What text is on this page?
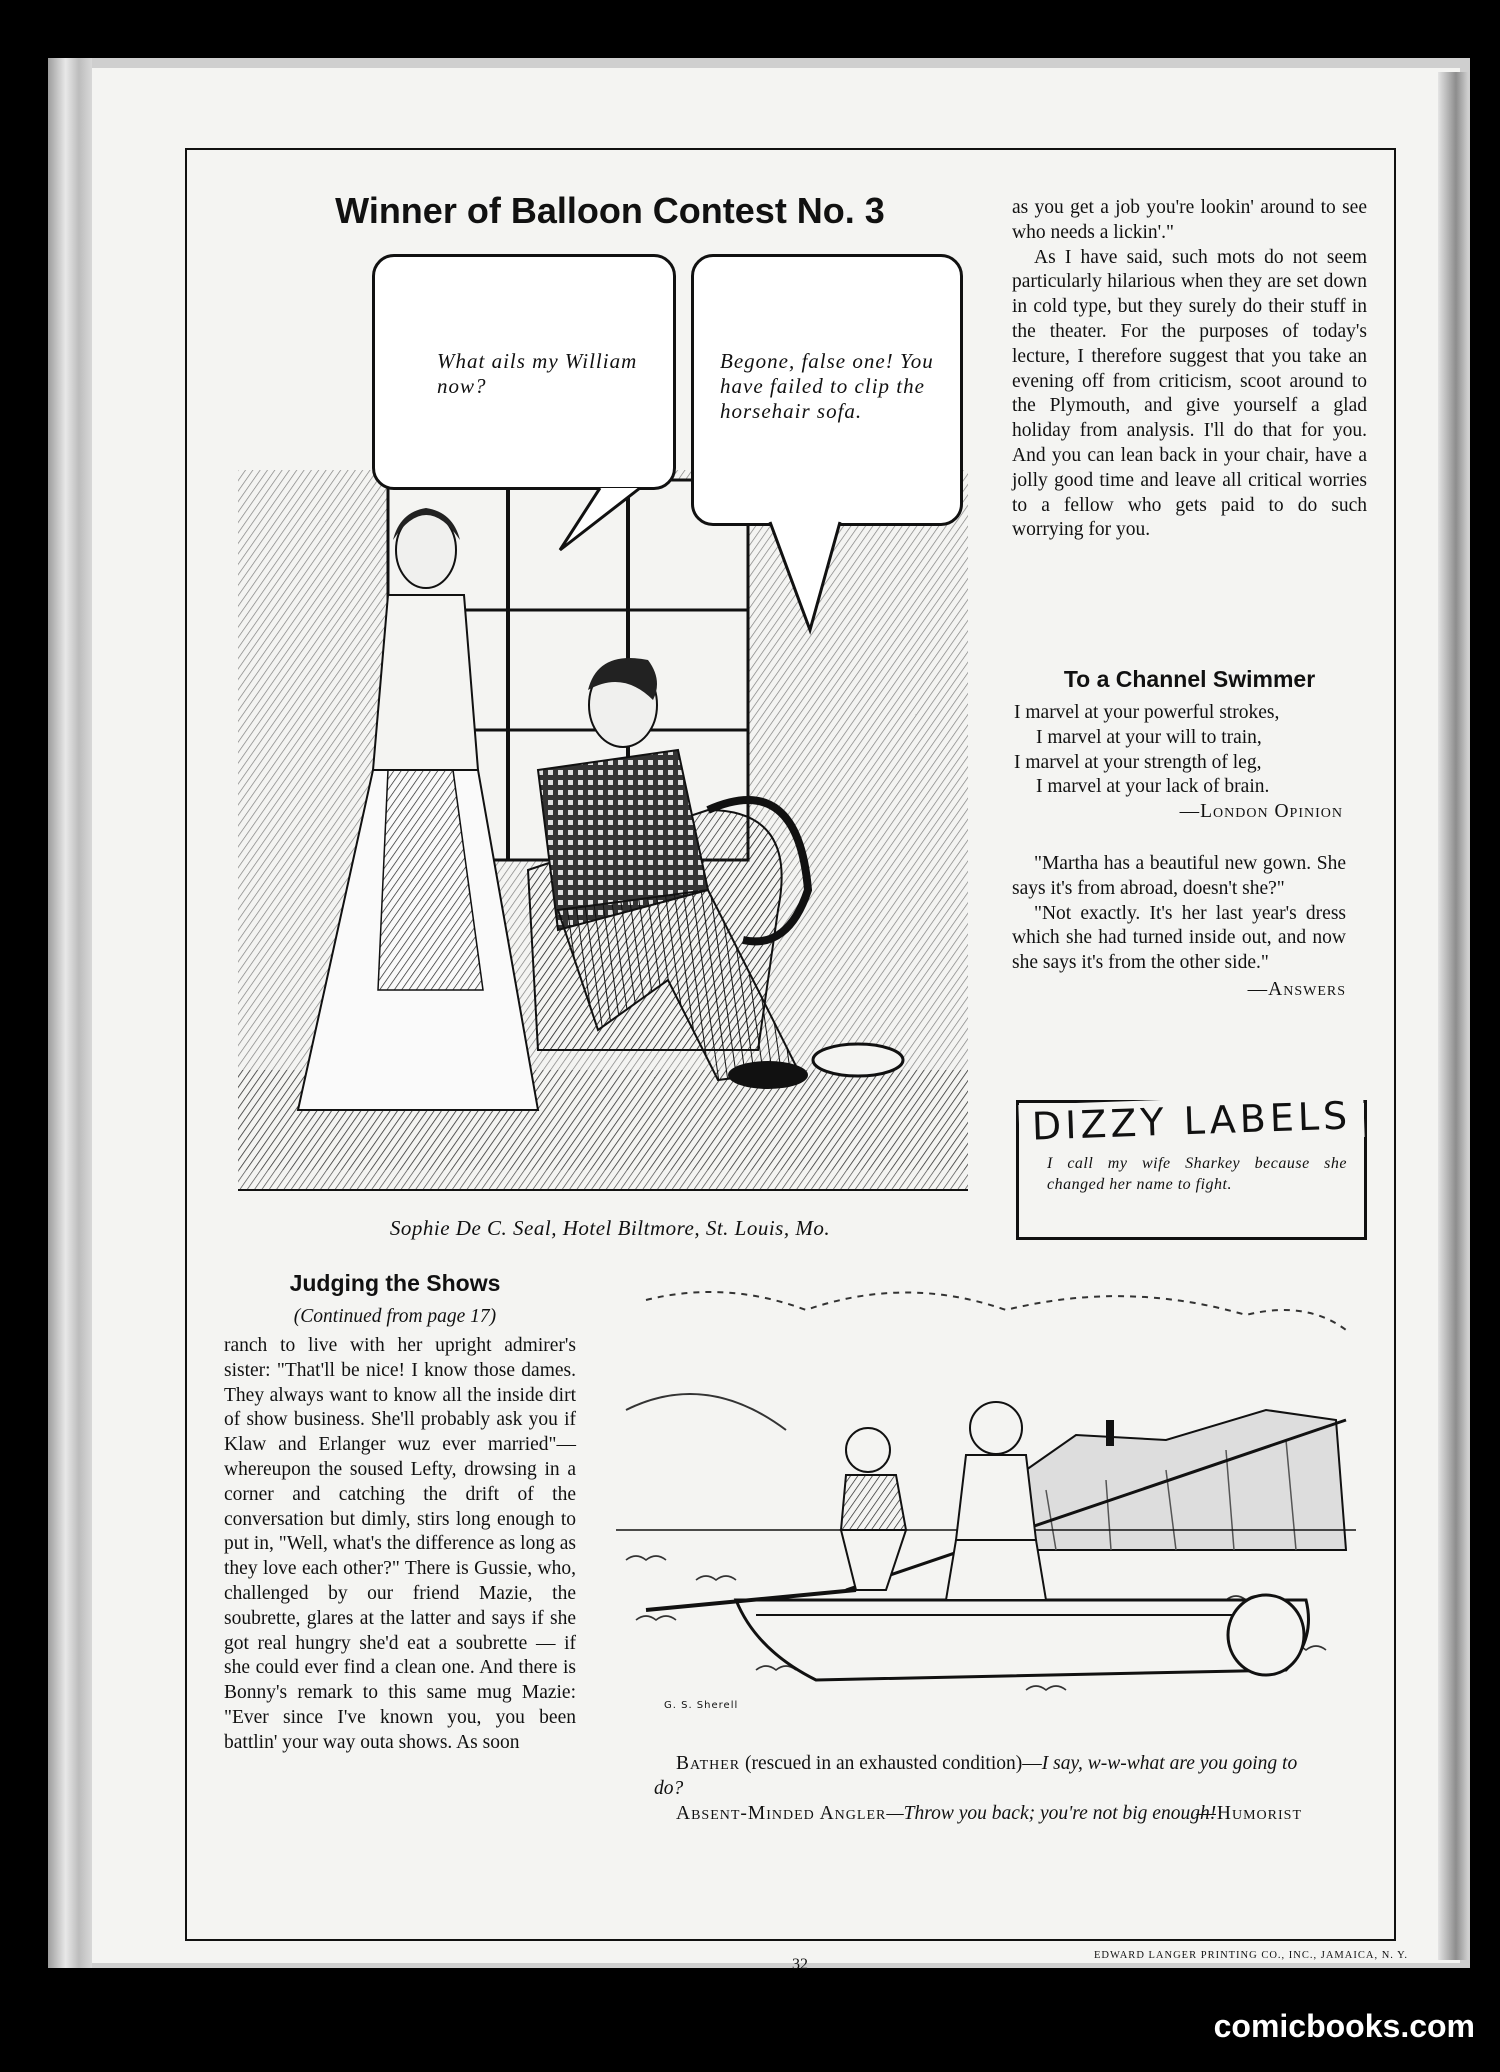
Winner of Balloon Contest No. 3
What ails my William now?
Begone, false one! You have failed to clip the horsehair sofa.
Sophie De C. Seal, Hotel Biltmore, St. Louis, Mo.

as you get a job you're lookin' around to see who needs a lickin'."

As I have said, such mots do not seem particularly hilarious when they are set down in cold type, but they surely do their stuff in the theater. For the purposes of today's lecture, I therefore suggest that you take an evening off from criticism, scoot around to the Plymouth, and give yourself a glad holiday from analysis. I'll do that for you. And you can lean back in your chair, have a jolly good time and leave all critical worries to a fellow who gets paid to do such worrying for you.

To a Channel Swimmer
I marvel at your powerful strokes,
I marvel at your will to train,
I marvel at your strength of leg,
I marvel at your lack of brain.
—London Opinion

"Martha has a beautiful new gown. She says it's from abroad, doesn't she?"

"Not exactly. It's her last year's dress which she had turned inside out, and now she says it's from the other side."

—Answers
DIZZY LABELS
I call my wife Sharkey because she changed her name to fight.
Judging the Shows
(Continued from page 17)

ranch to live with her upright admirer's sister: "That'll be nice! I know those dames. They always want to know all the inside dirt of show business. She'll probably ask you if Klaw and Erlanger wuz ever married"—whereupon the soused Lefty, drowsing in a corner and catching the drift of the conversation but dimly, stirs long enough to put in, "Well, what's the difference as long as they love each other?" There is Gussie, who, challenged by our friend Mazie, the soubrette, glares at the latter and says if she got real hungry she'd eat a soubrette — if she could ever find a clean one. And there is Bonny's remark to this same mug Mazie: "Ever since I've known you, you been battlin' your way outa shows. As soon

G. S. Sherell
Bather (rescued in an exhausted condition)—I say, w-w-what are you going to do?
Absent-Minded Angler—Throw you back; you're not big enough!
—Humorist
32
EDWARD LANGER PRINTING CO., INC., JAMAICA, N. Y.
comicbooks.com
